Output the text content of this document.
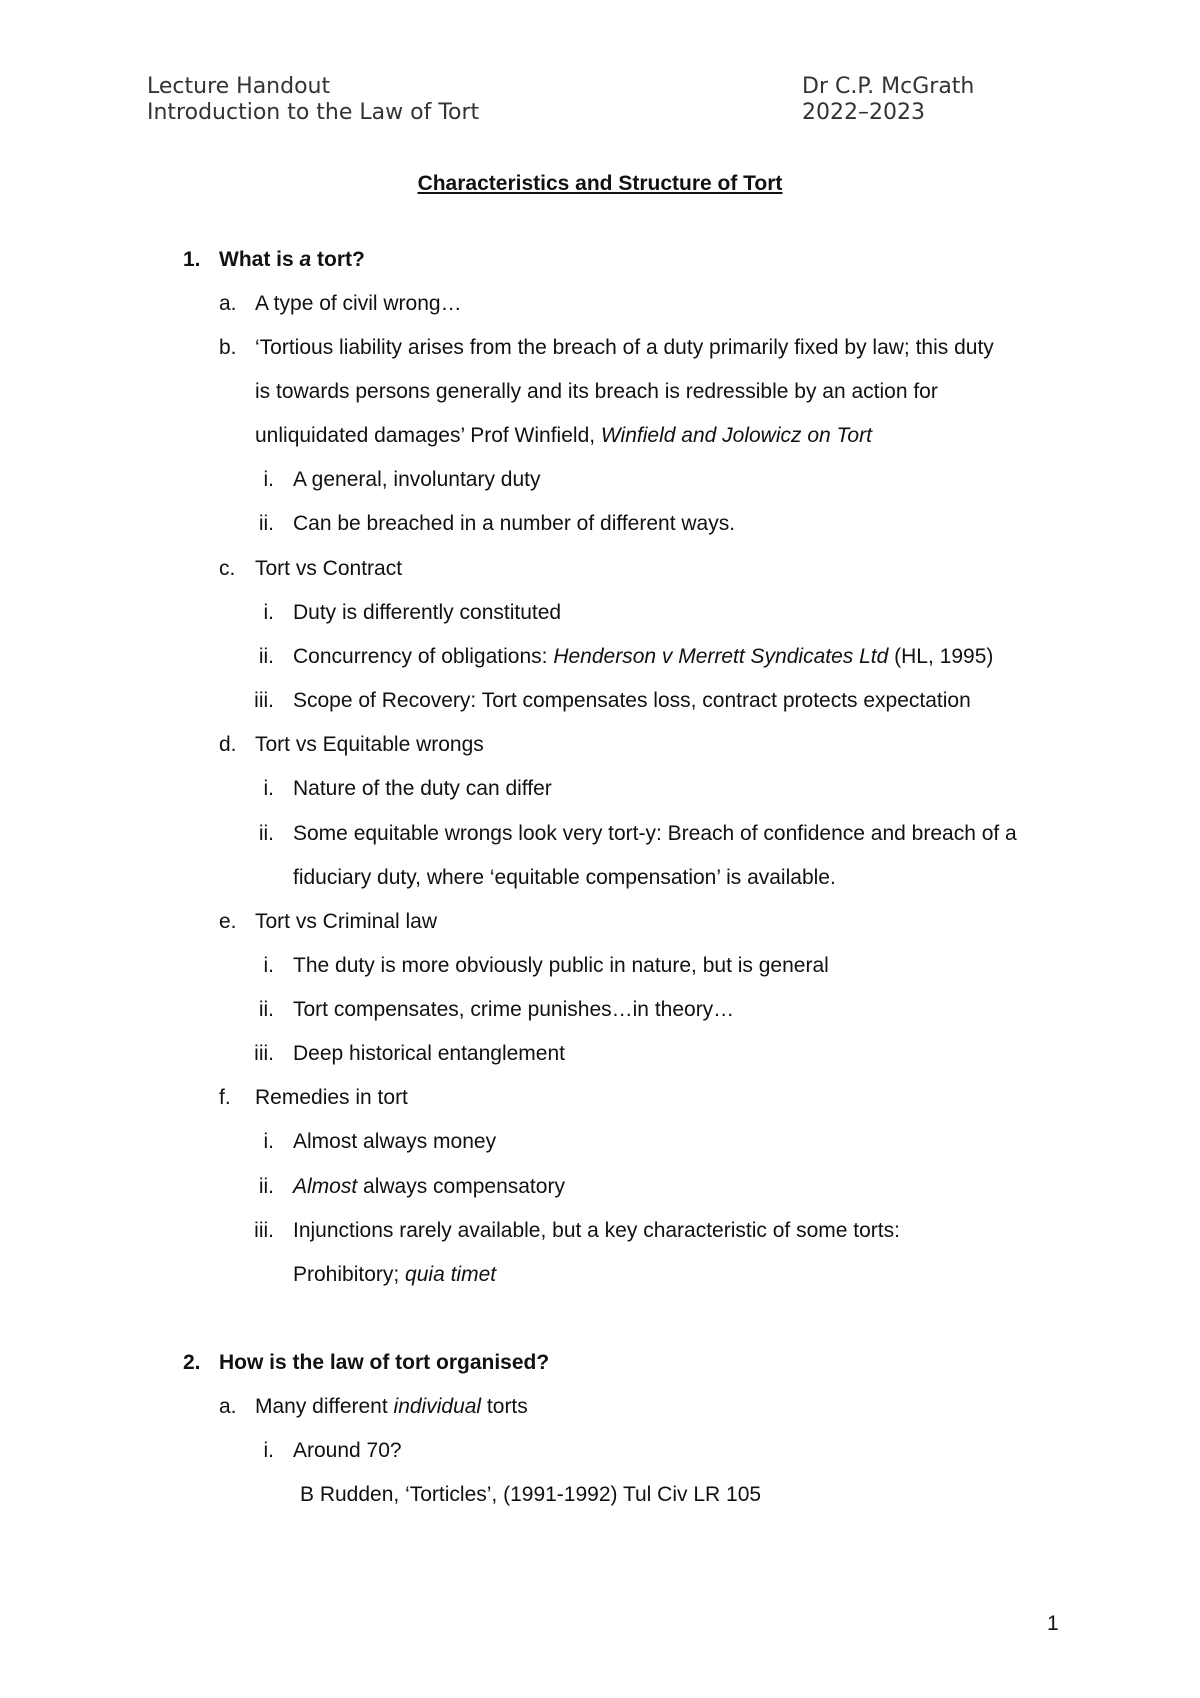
Lecture Handout
Introduction to the Law of Tort
Dr C.P. McGrath
2022–2023
Characteristics and Structure of Tort
1. What is a tort?
a. A type of civil wrong…
b. ‘Tortious liability arises from the breach of a duty primarily fixed by law; this duty
is towards persons generally and its breach is redressible by an action for
unliquidated damages’ Prof Winfield, Winfield and Jolowicz on Tort
i. A general, involuntary duty
ii. Can be breached in a number of different ways.
c. Tort vs Contract
i. Duty is differently constituted
ii. Concurrency of obligations: Henderson v Merrett Syndicates Ltd (HL, 1995)
iii. Scope of Recovery: Tort compensates loss, contract protects expectation
d. Tort vs Equitable wrongs
i. Nature of the duty can differ
ii. Some equitable wrongs look very tort-y: Breach of confidence and breach of a
fiduciary duty, where ‘equitable compensation’ is available.
e. Tort vs Criminal law
i. The duty is more obviously public in nature, but is general
ii. Tort compensates, crime punishes…in theory…
iii. Deep historical entanglement
f. Remedies in tort
i. Almost always money
ii. Almost always compensatory
iii. Injunctions rarely available, but a key characteristic of some torts:
Prohibitory; quia timet
2. How is the law of tort organised?
a. Many different individual torts
i. Around 70?
B Rudden, ‘Torticles’, (1991-1992) Tul Civ LR 105
1
